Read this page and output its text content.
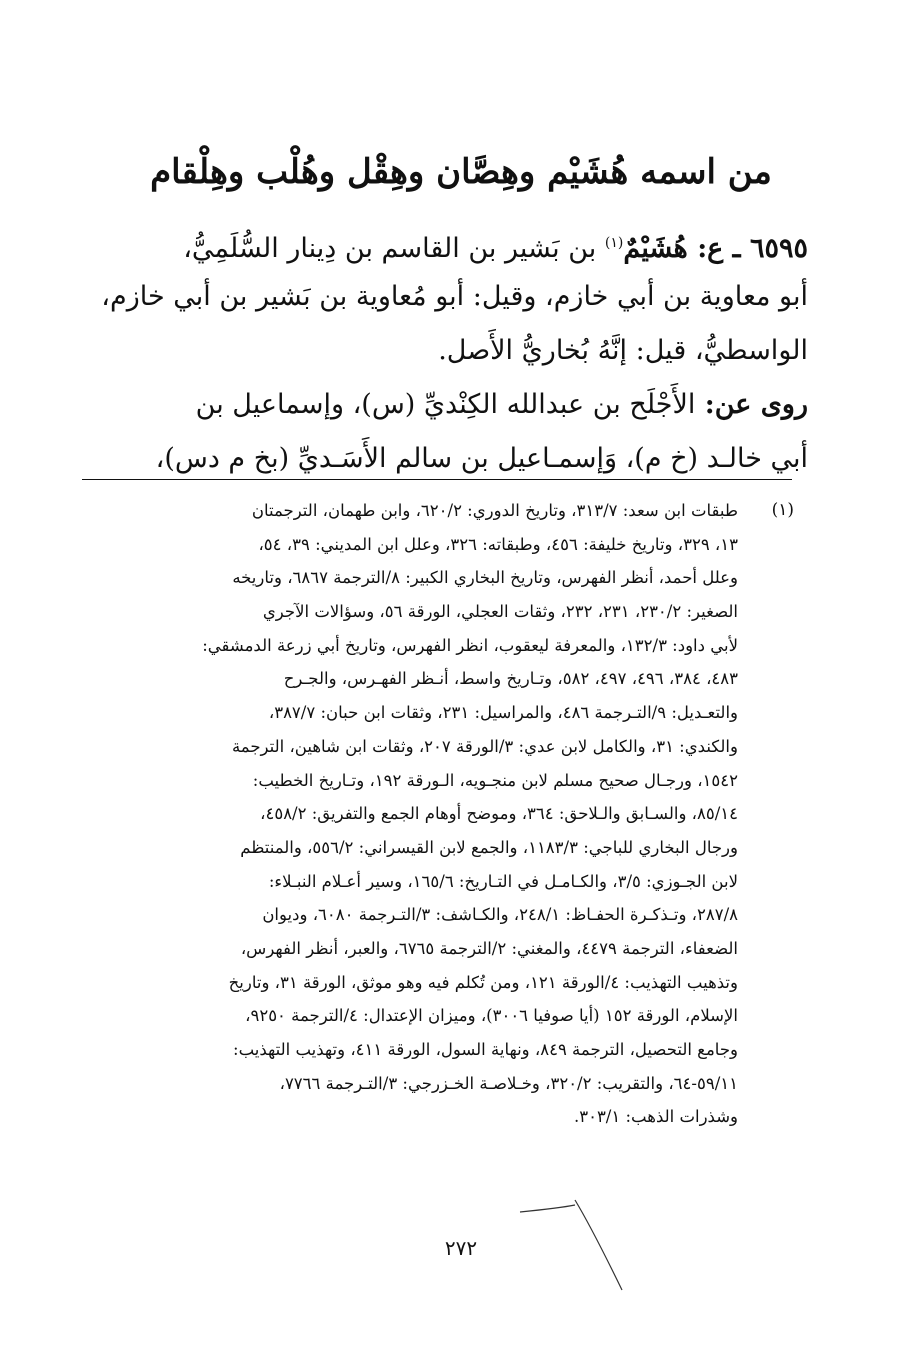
من اسمه هُشَيْم وهِصَّان وهِقْل وهُلْب وهِلْقام
٦٥٩٥ ـ ع: هُشَيْمٌ$^{(١)}$ بن بَشير بن القاسم بن دِينار السُّلَمِيُّ،
أبو معاوية بن أبي خازم، وقيل: أبو مُعاوية بن بَشير بن أبي خازم،
الواسطيُّ، قيل: إنَّهُ بُخاريُّ الأَصل.
روى عن: الأَجْلَح بن عبدالله الكِنْديِّ (س)، وإسماعيل بن
أبي خالـد (خ م)، وَإسمـاعيل بن سالم الأَسَـديِّ (بخ م دس)،
(١)
طبقات ابن سعد: ٣١٣/٧، وتاريخ الدوري: ٦٢٠/٢، وابن طهمان، الترجمتان
١٣، ٣٢٩، وتاريخ خليفة: ٤٥٦، وطبقاته: ٣٢٦، وعلل ابن المديني: ٣٩، ٥٤،
وعلل أحمد، أنظر الفهرس، وتاريخ البخاري الكبير: ٨/الترجمة ٦٨٦٧، وتاريخه
الصغير: ٢٣٠/٢، ٢٣١، ٢٣٢، وثقات العجلي، الورقة ٥٦، وسؤالات الآجري
لأبي داود: ١٣٢/٣، والمعرفة ليعقوب، انظر الفهرس، وتاريخ أبي زرعة الدمشقي:
٤٨٣، ٣٨٤، ٤٩٦، ٤٩٧، ٥٨٢، وتـاريخ واسط، أنـظر الفهـرس، والجـرح
والتعـديل: ٩/التـرجمة ٤٨٦، والمراسيل: ٢٣١، وثقات ابن حبان: ٣٨٧/٧،
والكندي: ٣١، والكامل لابن عدي: ٣/الورقة ٢٠٧، وثقات ابن شاهين، الترجمة
١٥٤٢، ورجـال صحيح مسلم لابن منجـويه، الـورقة ١٩٢، وتـاريخ الخطيب:
٨٥/١٤، والسـابق والـلاحق: ٣٦٤، وموضح أوهام الجمع والتفريق: ٤٥٨/٢،
ورجال البخاري للباجي: ١١٨٣/٣، والجمع لابن القيسراني: ٥٥٦/٢، والمنتظم
لابن الجـوزي: ٣/٥، والكـامـل في التـاريخ: ١٦٥/٦، وسير أعـلام النبـلاء:
٢٨٧/٨، وتـذكـرة الحفـاظ: ٢٤٨/١، والكـاشف: ٣/التـرجمة ٦٠٨٠، وديوان
الضعفاء، الترجمة ٤٤٧٩، والمغني: ٢/الترجمة ٦٧٦٥، والعبر، أنظر الفهرس،
وتذهيب التهذيب: ٤/الورقة ١٢١، ومن تُكلم فيه وهو موثق، الورقة ٣١، وتاريخ
الإسلام، الورقة ١٥٢ (أيا صوفيا ٣٠٠٦)، وميزان الإعتدال: ٤/الترجمة ٩٢٥٠،
وجامع التحصيل، الترجمة ٨٤٩، ونهاية السول، الورقة ٤١١، وتهذيب التهذيب:
٥٩/١١-٦٤، والتقريب: ٣٢٠/٢، وخـلاصـة الخـزرجي: ٣/التـرجمة ٧٧٦٦،
وشذرات الذهب: ٣٠٣/١.
٢٧٢
